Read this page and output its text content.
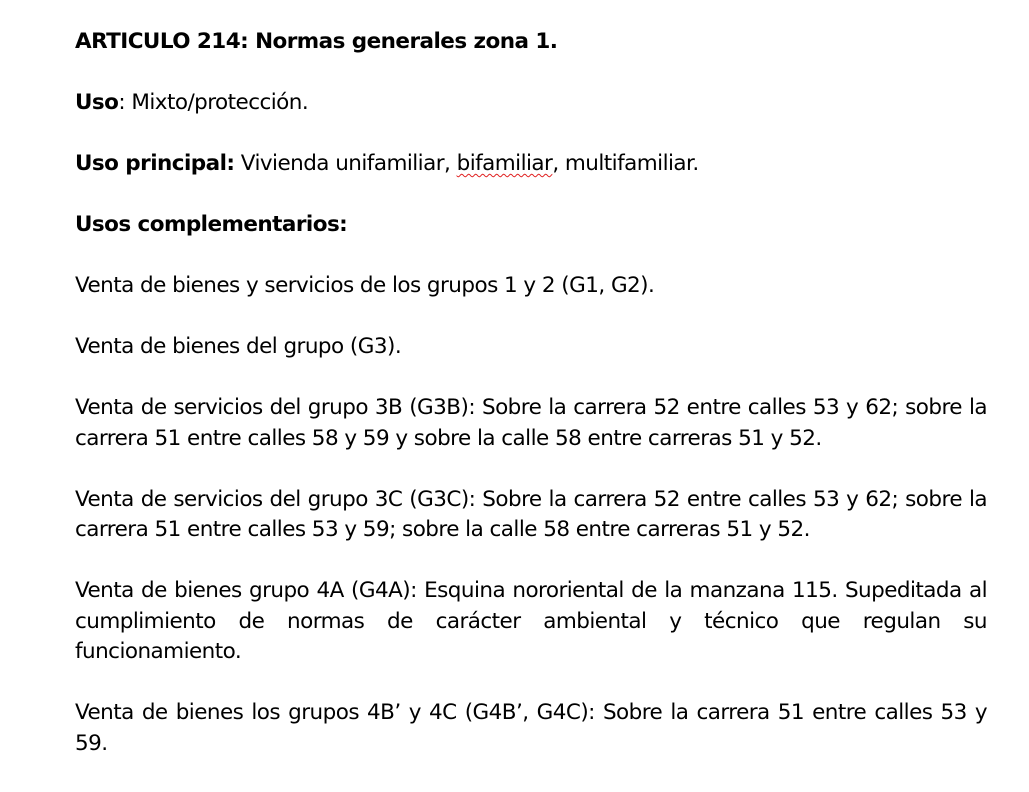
ARTICULO 214: Normas generales zona 1.

Uso: Mixto/protección.

Uso principal: Vivienda unifamiliar, bifamiliar, multifamiliar.

Usos complementarios:

Venta de bienes y servicios de los grupos 1 y 2 (G1, G2).

Venta de bienes del grupo (G3).

Venta de servicios del grupo 3B (G3B): Sobre la carrera 52 entre calles 53 y 62; sobre la carrera 51 entre calles 58 y 59 y sobre la calle 58 entre carreras 51 y 52.

Venta de servicios del grupo 3C (G3C): Sobre la carrera 52 entre calles 53 y 62; sobre la carrera 51 entre calles 53 y 59; sobre la calle 58 entre carreras 51 y 52.

Venta de bienes grupo 4A (G4A): Esquina nororiental de la manzana 115. Supeditada al cumplimiento de normas de carácter ambiental y técnico que regulan su funcionamiento.

Venta de bienes los grupos 4B’ y 4C (G4B’, G4C): Sobre la carrera 51 entre calles 53 y 59.
